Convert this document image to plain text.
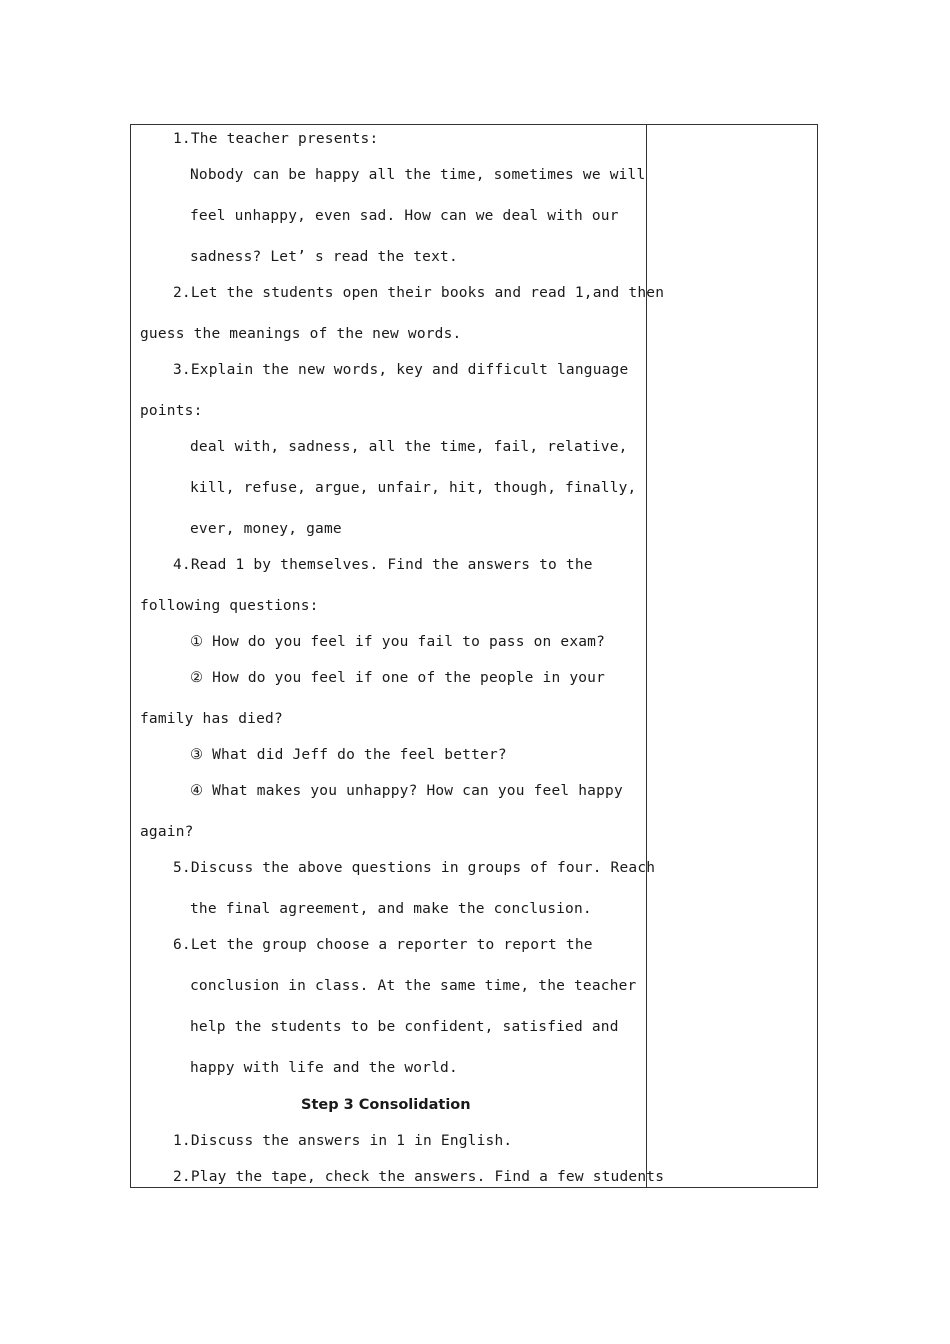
1.The teacher presents:
Nobody can be happy all the time, sometimes we will
feel unhappy, even sad. How can we deal with our
sadness? Let’ s read the text.
2.Let the students open their books and read 1,and then
guess the meanings of the new words.
3.Explain the new words, key and difficult language
points:
deal with, sadness, all the time, fail, relative,
kill, refuse, argue, unfair, hit, though, finally,
ever, money, game
4.Read 1 by themselves. Find the answers to the
following questions:
① How do you feel if you fail to pass on exam?
② How do you feel if one of the people in your
family has died?
③ What did Jeff do the feel better?
④ What makes you unhappy? How can you feel happy
again?
5.Discuss the above questions in groups of four. Reach
the final agreement, and make the conclusion.
6.Let the group choose a reporter to report the
conclusion in class. At the same time, the teacher
help the students to be confident, satisfied and
happy with life and the world.
Step 3 Consolidation
1.Discuss the answers in 1 in English.
2.Play the tape, check the answers. Find a few students
